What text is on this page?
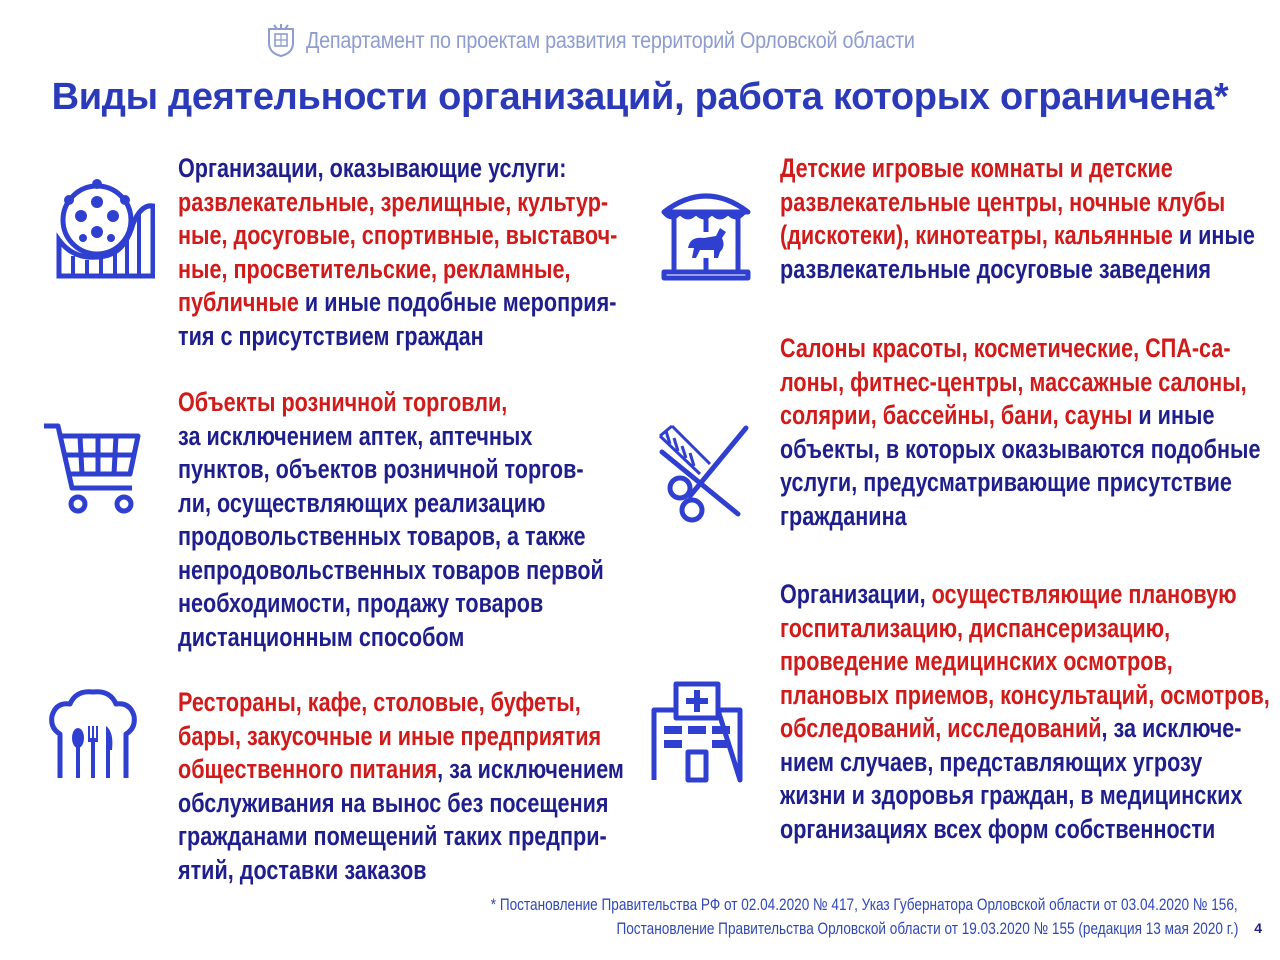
Департамент по проектам развития территорий Орловской области
Виды деятельности организаций, работа которых ограничена*
Организации, оказывающие услуги:
развлекательные, зрелищные, культур-
ные, досуговые, спортивные, выставоч-
ные, просветительские, рекламные,
публичные и иные подобные мероприя-
тия с присутствием граждан
Объекты розничной торговли,
за исключением аптек, аптечных
пунктов, объектов розничной торгов-
ли, осуществляющих реализацию
продовольственных товаров, а также
непродовольственных товаров первой
необходимости, продажу товаров
дистанционным способом
Рестораны, кафе, столовые, буфеты,
бары, закусочные и иные предприятия
общественного питания, за исключением
обслуживания на вынос без посещения
гражданами помещений таких предпри-
ятий, доставки заказов
Детские игровые комнаты и детские
развлекательные центры, ночные клубы
(дискотеки), кинотеатры, кальянные и иные
развлекательные досуговые заведения
Салоны красоты, косметические, СПА-са-
лоны, фитнес-центры, массажные салоны,
солярии, бассейны, бани, сауны и иные
объекты, в которых оказываются подобные
услуги, предусматривающие присутствие
гражданина
Организации, осуществляющие плановую
госпитализацию, диспансеризацию,
проведение медицинских осмотров,
плановых приемов, консультаций, осмотров,
обследований, исследований, за исключе-
нием случаев, представляющих угрозу
жизни и здоровья граждан, в медицинских
организациях всех форм собственности
* Постановление Правительства РФ от 02.04.2020 № 417, Указ Губернатора Орловской области от 03.04.2020 № 156,
Постановление Правительства Орловской области от 19.03.2020 № 155 (редакция 13 мая 2020 г.) 4
